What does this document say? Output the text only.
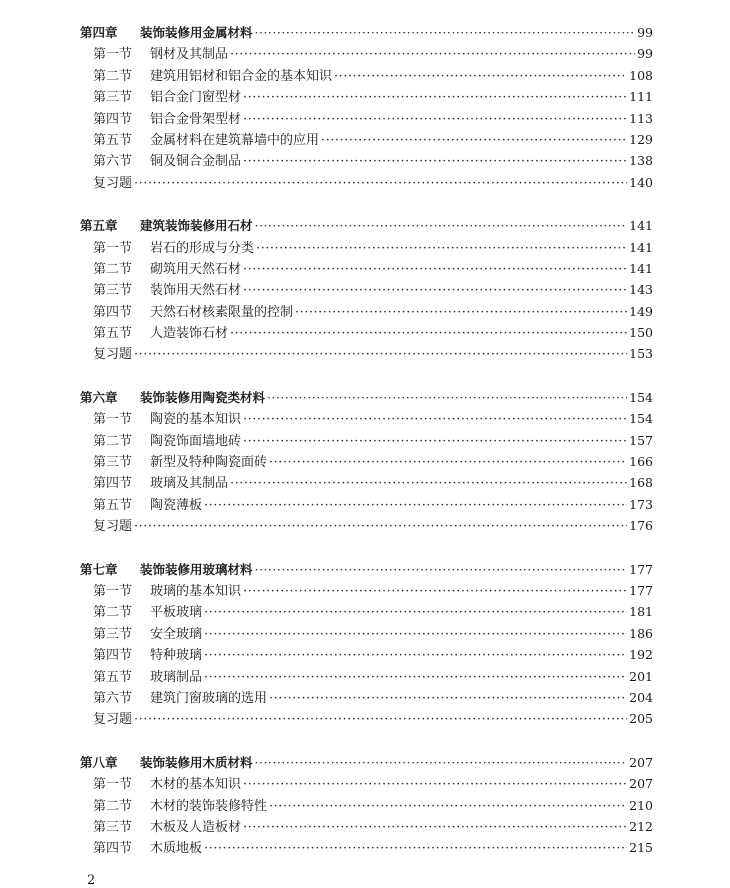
第四章	装饰装修用金属材料 ·····	99
第一节	钢材及其制品 ·····	99
第二节	建筑用铝材和铝合金的基本知识 ·····	108
第三节	铝合金门窗型材 ·····	111
第四节	铝合金骨架型材 ·····	113
第五节	金属材料在建筑幕墙中的应用 ·····	129
第六节	铜及铜合金制品 ·····	138
复习题 ·····	140
第五章	建筑装饰装修用石材 ·····	141
第一节	岩石的形成与分类 ·····	141
第二节	砌筑用天然石材 ·····	141
第三节	装饰用天然石材 ·····	143
第四节	天然石材核素限量的控制 ·····	149
第五节	人造装饰石材 ·····	150
复习题 ·····	153
第六章	装饰装修用陶瓷类材料 ·····	154
第一节	陶瓷的基本知识 ·····	154
第二节	陶瓷饰面墙地砖 ·····	157
第三节	新型及特种陶瓷面砖 ·····	166
第四节	玻璃及其制品 ·····	168
第五节	陶瓷薄板 ·····	173
复习题 ·····	176
第七章	装饰装修用玻璃材料 ·····	177
第一节	玻璃的基本知识 ·····	177
第二节	平板玻璃 ·····	181
第三节	安全玻璃 ·····	186
第四节	特种玻璃 ·····	192
第五节	玻璃制品 ·····	201
第六节	建筑门窗玻璃的选用 ·····	204
复习题 ·····	205
第八章	装饰装修用木质材料 ·····	207
第一节	木材的基本知识 ·····	207
第二节	木材的装饰装修特性 ·····	210
第三节	木板及人造板材 ·····	212
第四节	木质地板 ·····	215
2
